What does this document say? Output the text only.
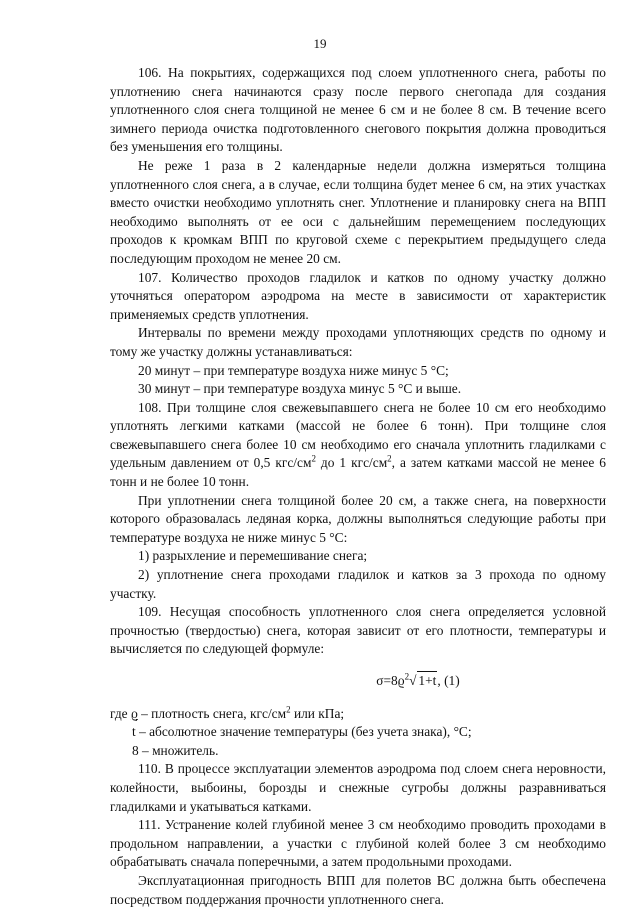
19

106. На покрытиях, содержащихся под слоем уплотненного снега, работы по уплотнению снега начинаются сразу после первого снегопада для создания уплотненного слоя снега толщиной не менее 6 см и не более 8 см. В течение всего зимнего периода очистка подготовленного снегового покрытия должна проводиться без уменьшения его толщины.

Не реже 1 раза в 2 календарные недели должна измеряться толщина уплотненного слоя снега, а в случае, если толщина будет менее 6 см, на этих участках вместо очистки необходимо уплотнять снег. Уплотнение и планировку снега на ВПП необходимо выполнять от ее оси с дальнейшим перемещением последующих проходов к кромкам ВПП по круговой схеме с перекрытием предыдущего следа последующим проходом не менее 20 см.

107. Количество проходов гладилок и катков по одному участку должно уточняться оператором аэродрома на месте в зависимости от характеристик применяемых средств уплотнения.

Интервалы по времени между проходами уплотняющих средств по одному и тому же участку должны устанавливаться:

20 минут – при температуре воздуха ниже минус 5 °С;

30 минут – при температуре воздуха минус 5 °С и выше.

108. При толщине слоя свежевыпавшего снега не более 10 см его необходимо уплотнять легкими катками (массой не более 6 тонн). При толщине слоя свежевыпавшего снега более 10 см необходимо его сначала уплотнить гладилками с удельным давлением от 0,5 кгс/$см^2$ до 1 кгс/$см^2$, а затем катками массой не менее 6 тонн и не более 10 тонн.

При уплотнении снега толщиной более 20 см, а также снега, на поверхности которого образовалась ледяная корка, должны выполняться следующие работы при температуре воздуха не ниже минус 5 °С:

1) разрыхление и перемешивание снега;

2) уплотнение снега проходами гладилок и катков за 3 прохода по одному участку.

109. Несущая способность уплотненного слоя снега определяется условной прочностью (твердостью) снега, которая зависит от его плотности, температуры и вычисляется по следующей формуле:

$\sigma=8ϱ^2√$ 1+t, (1)

где ϱ – плотность снега, кгс/$см^2$ или кПа;

t – абсолютное значение температуры (без учета знака), °С;

8 – множитель.

110. В процессе эксплуатации элементов аэродрома под слоем снега неровности, колейности, выбоины, борозды и снежные сугробы должны разравниваться гладилками и укатываться катками.

111. Устранение колей глубиной менее 3 см необходимо проводить проходами в продольном направлении, а участки с глубиной колей более 3 см необходимо обрабатывать сначала поперечными, а затем продольными проходами.

Эксплуатационная пригодность ВПП для полетов ВС должна быть обеспечена посредством поддержания прочности уплотненного снега.
